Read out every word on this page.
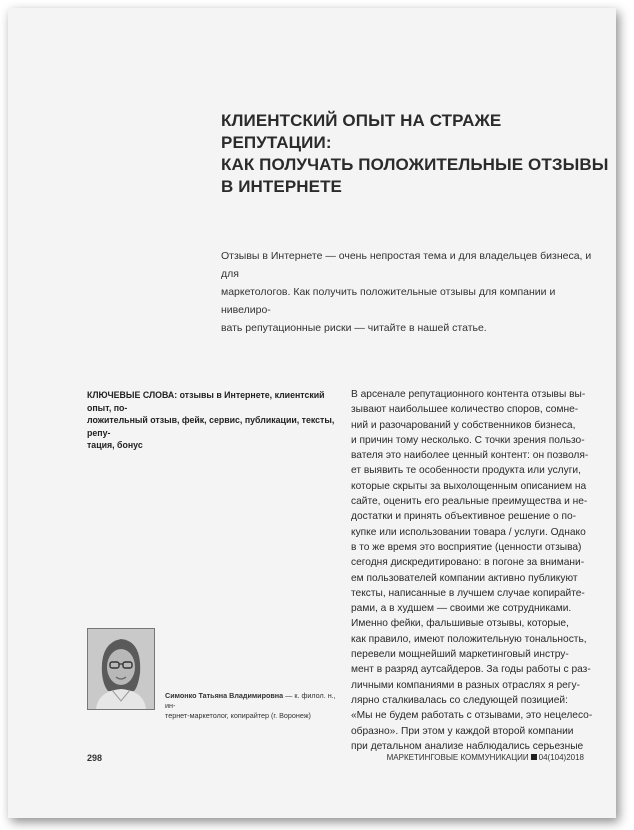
КЛИЕНТСКИЙ ОПЫТ НА СТРАЖЕ РЕПУТАЦИИ:
КАК ПОЛУЧАТЬ ПОЛОЖИТЕЛЬНЫЕ ОТЗЫВЫ
В ИНТЕРНЕТЕ

Отзывы в Интернете — очень непростая тема и для владельцев бизнеса, и для
маркетологов. Как получить положительные отзывы для компании и нивелиро-
вать репутационные риски — читайте в нашей статье.

КЛЮЧЕВЫЕ СЛОВА: отзывы в Интернете, клиентский опыт, по-
ложительный отзыв, фейк, сервис, публикации, тексты, репу-
тация, бонус

В арсенале репутационного контента отзывы вы-
зывают наибольшее количество споров, сомне-
ний и разочарований у собственников бизнеса,
и причин тому несколько. С точки зрения пользо-
вателя это наиболее ценный контент: он позволя-
ет выявить те особенности продукта или услуги,
которые скрыты за выхолощенным описанием на
сайте, оценить его реальные преимущества и не-
достатки и принять объективное решение о по-
купке или использовании товара / услуги. Однако
в то же время это восприятие (ценности отзыва)
сегодня дискредитировано: в погоне за внимани-
ем пользователей компании активно публикуют
тексты, написанные в лучшем случае копирайте-
рами, а в худшем — своими же сотрудниками.

Именно фейки, фальшивые отзывы, которые,
как правило, имеют положительную тональность,
перевели мощнейший маркетинговый инстру-
мент в разряд аутсайдеров. За годы работы с раз-
личными компаниями в разных отраслях я регу-
лярно сталкивалась со следующей позицией:
«Мы не будем работать с отзывами, это нецелесо-
образно». При этом у каждой второй компании
при детальном анализе наблюдались серьезные

Симонко Татьяна Владимировна — к. филол. н., ин-
тернет-маркетолог, копирайтер (г. Воронеж)

298	МАРКЕТИНГОВЫЕ КОММУНИКАЦИИ 04(104)2018
